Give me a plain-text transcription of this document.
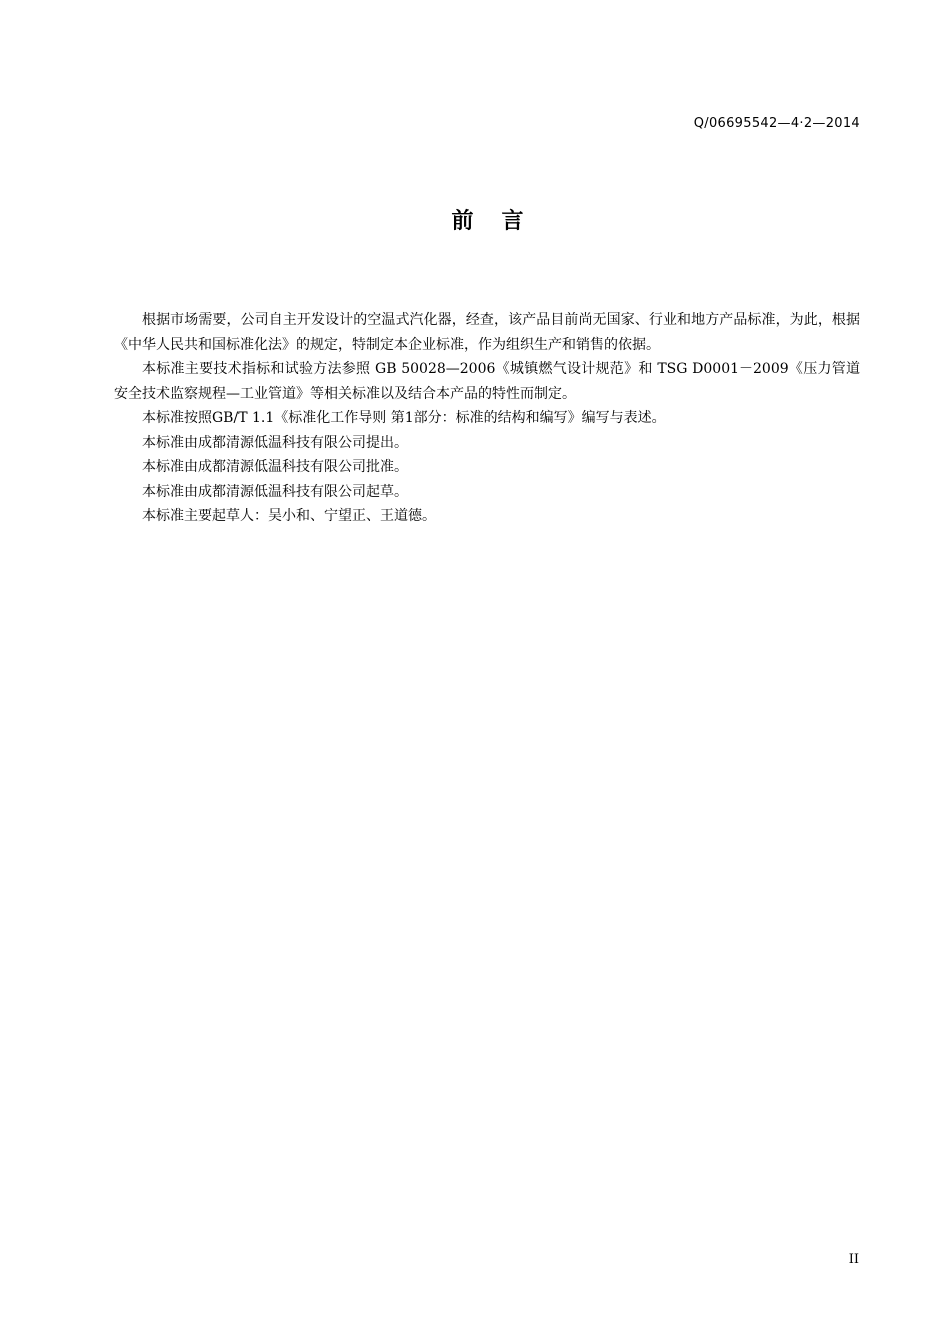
Q/06695542—4·2—2014
前 言

根据市场需要，公司自主开发设计的空温式汽化器，经查，该产品目前尚无国家、行业和地方产品标准，为此，根据《中华人民共和国标准化法》的规定，特制定本企业标准，作为组织生产和销售的依据。

本标准主要技术指标和试验方法参照 GB 50028—2006《城镇燃气设计规范》和 TSG D0001－2009《压力管道安全技术监察规程—工业管道》等相关标准以及结合本产品的特性而制定。

本标准按照GB/T 1.1《标准化工作导则 第1部分：标准的结构和编写》编写与表述。

本标准由成都清源低温科技有限公司提出。

本标准由成都清源低温科技有限公司批准。

本标准由成都清源低温科技有限公司起草。

本标准主要起草人：吴小和、宁望正、王道德。

II
